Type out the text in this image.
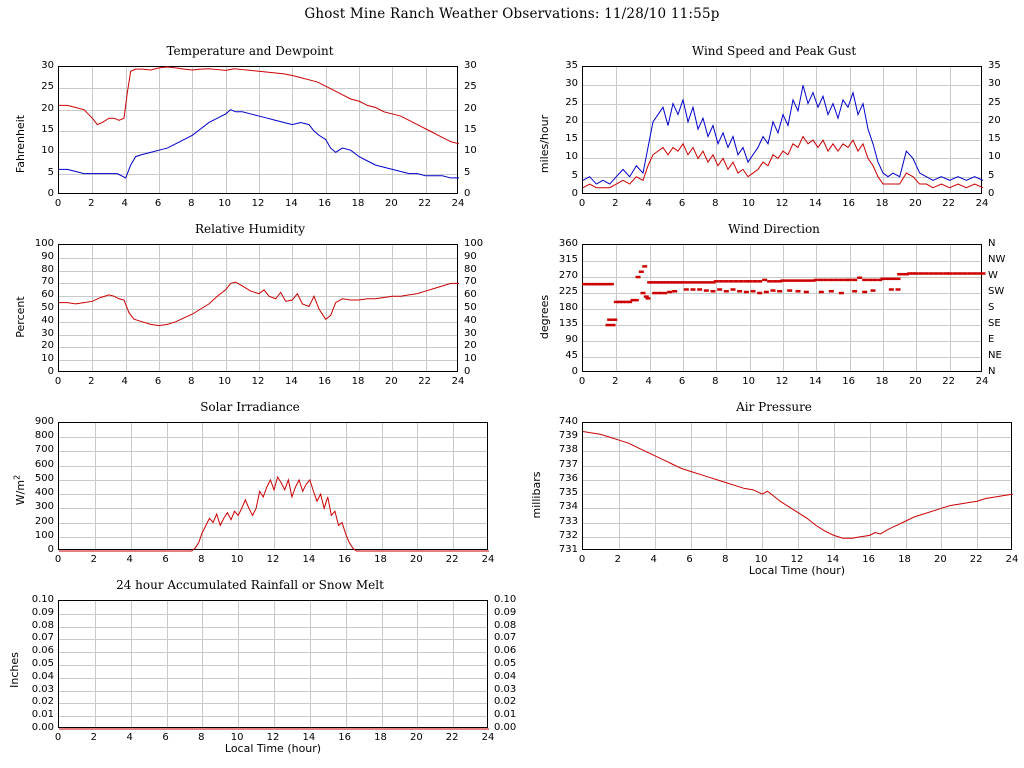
Ghost Mine Ranch Weather Observations: 11/28/10 11:55p
Temperature and Dewpoint
Fahrenheit
0	2	4	6	8	10	12	14	16	18	20	22	24
0
5
10
15
20
25
30
0
5
10
15
20
25
30
Wind Speed and Peak Gust
miles/hour
0	2	4	6	8	10	12	14	16	18	20	22	24
0
5
10
15
20
25
30
35
0
5
10
15
20
25
30
35
Relative Humidity
Percent
0	2	4	6	8	10	12	14	16	18	20	22	24
0
10
20
30
40
50
60
70
80
90
100
0
10
20
30
40
50
60
70
80
90
100
Wind Direction
degrees
0	2	4	6	8	10	12	14	16	18	20	22	24
0
45
90
135
180
225
270
315
360
N
NE
E
SE
S
SW
W
NW
N
Solar Irradiance
$W/m^2$
0	2	4	6	8	10	12	14	16	18	20	22	24
0
100
200
300
400
500
600
700
800
900
Air Pressure
millibars
Local Time (hour)
0	2	4	6	8	10	12	14	16	18	20	22	24
731
732
733
734
735
736
737
738
739
740
24 hour Accumulated Rainfall or Snow Melt
Inches
Local Time (hour)
0	2	4	6	8	10	12	14	16	18	20	22	24
0.00
0.01
0.02
0.03
0.04
0.05
0.06
0.07
0.08
0.09
0.10
0.00
0.01
0.02
0.03
0.04
0.05
0.06
0.07
0.08
0.09
0.10
